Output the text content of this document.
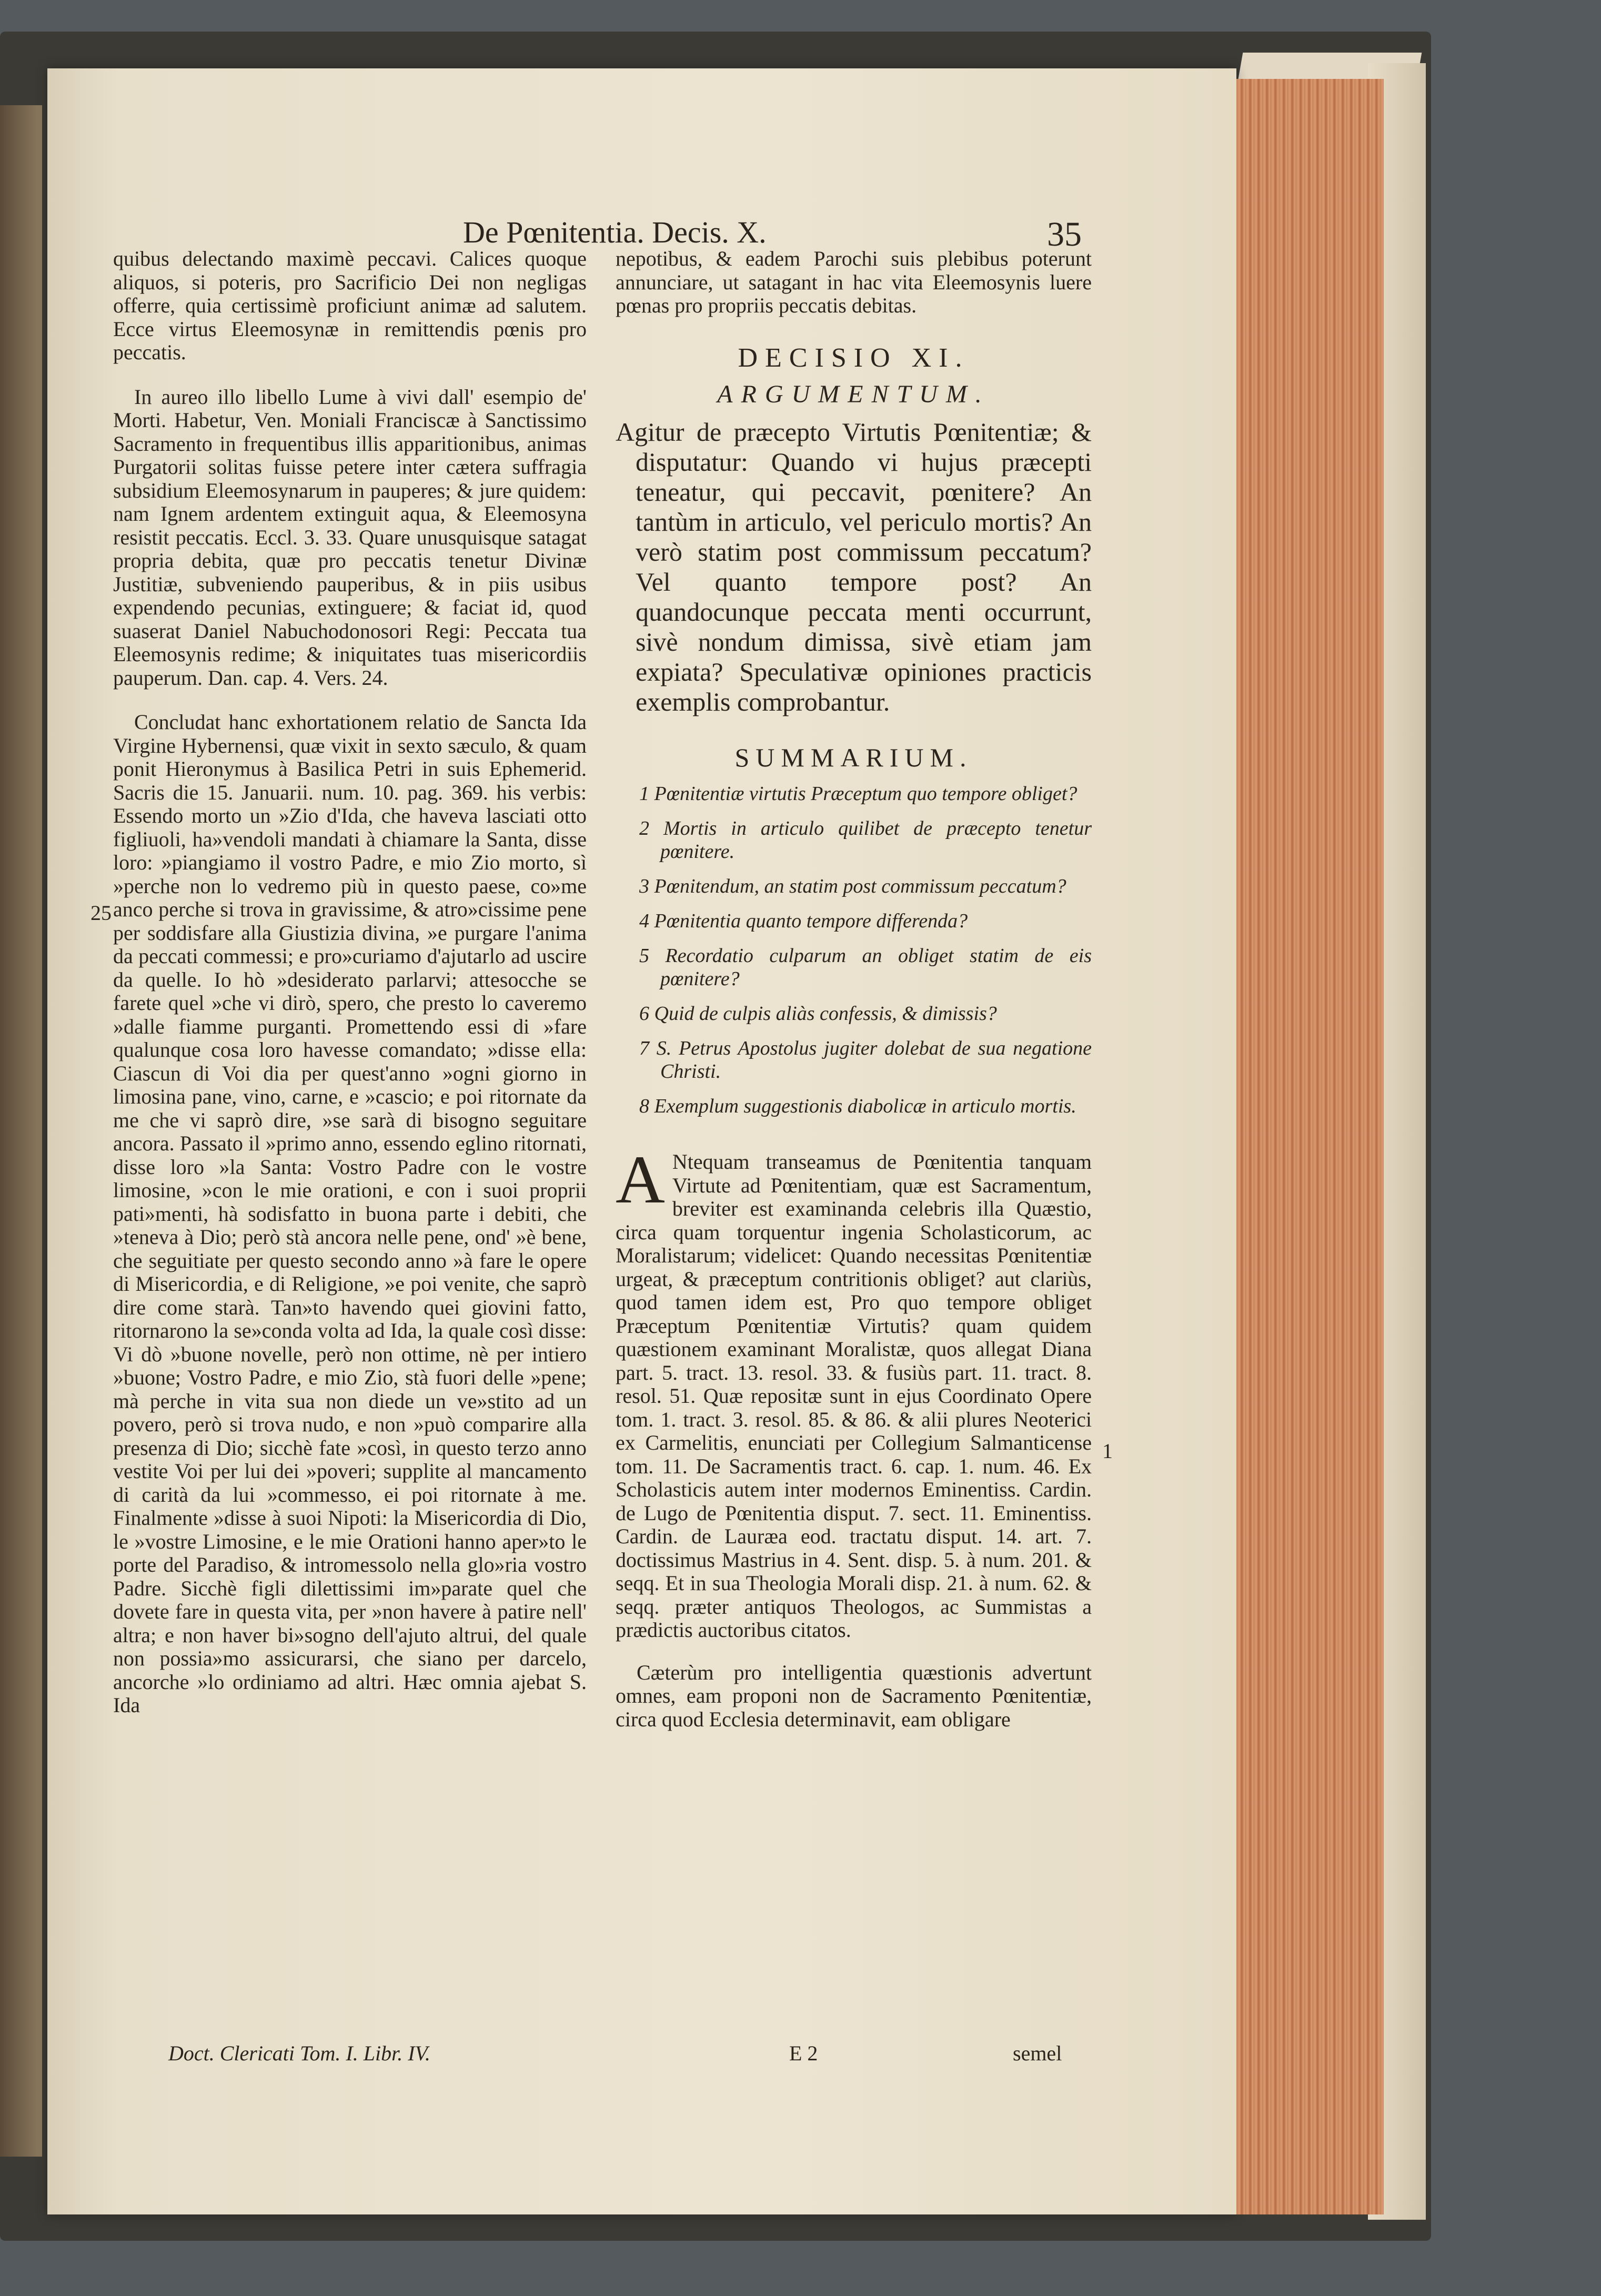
De Pœnitentia. Decis. X.	35

quibus delectando maximè peccavi. Calices quoque aliquos, si poteris, pro Sacrificio Dei non negligas offerre, quia certissimè proficiunt animæ ad salutem. Ecce virtus Eleemosynæ in remittendis pœnis pro peccatis.

In aureo illo libello Lume à vivi dall' esempio de' Morti. Habetur, Ven. Moniali Franciscæ à Sanctissimo Sacramento in frequentibus illis apparitionibus, animas Purgatorii solitas fuisse petere inter cætera suffragia subsidium Eleemosynarum in pauperes; & jure quidem: nam Ignem ardentem extinguit aqua, & Eleemosyna resistit peccatis. Eccl. 3. 33. Quare unusquisque satagat propria debita, quæ pro peccatis tenetur Divinæ Justitiæ, subveniendo pauperibus, & in piis usibus expendendo pecunias, extinguere; & faciat id, quod suaserat Daniel Nabuchodonosori Regi: Peccata tua Eleemosynis redime; & iniquitates tuas misericordiis pauperum. Dan. cap. 4. Vers. 24.

Concludat hanc exhortationem relatio de Sancta Ida Virgine Hybernensi, quæ vixit in sexto sæculo, & quam ponit Hieronymus à Basilica Petri in suis Ephemerid. Sacris die 15. Januarii. num. 10. pag. 369. his verbis: Essendo morto un »Zio d'Ida, che haveva lasciati otto figliuoli, ha»vendoli mandati à chiamare la Santa, disse loro: »piangiamo il vostro Padre, e mio Zio morto, sì »perche non lo vedremo più in questo paese, co»me anco perche si trova in gravissime, & atro»cissime pene per soddisfare alla Giustizia divina, »e purgare l'anima da peccati commessi; e pro»curiamo d'ajutarlo ad uscire da quelle. Io hò »desiderato parlarvi; attesocche se farete quel »che vi dirò, spero, che presto lo caveremo »dalle fiamme purganti. Promettendo essi di »fare qualunque cosa loro havesse comandato; »disse ella: Ciascun di Voi dia per quest'anno »ogni giorno in limosina pane, vino, carne, e »cascio; e poi ritornate da me che vi saprò dire, »se sarà di bisogno seguitare ancora. Passato il »primo anno, essendo eglino ritornati, disse loro »la Santa: Vostro Padre con le vostre limosine, »con le mie orationi, e con i suoi proprii pati»menti, hà sodisfatto in buona parte i debiti, che »teneva à Dio; però stà ancora nelle pene, ond' »è bene, che seguitiate per questo secondo anno »à fare le opere di Misericordia, e di Religione, »e poi venite, che saprò dire come starà. Tan»to havendo quei giovini fatto, ritornarono la se»conda volta ad Ida, la quale così disse: Vi dò »buone novelle, però non ottime, nè per intiero »buone; Vostro Padre, e mio Zio, stà fuori delle »pene; mà perche in vita sua non diede un ve»stito ad un povero, però si trova nudo, e non »può comparire alla presenza di Dio; sicchè fate »così, in questo terzo anno vestite Voi per lui dei »poveri; supplite al mancamento di carità da lui »commesso, ei poi ritornate à me. Finalmente »disse à suoi Nipoti: la Misericordia di Dio, le »vostre Limosine, e le mie Orationi hanno aper»to le porte del Paradiso, & intromessolo nella glo»ria vostro Padre. Sicchè figli dilettissimi im»parate quel che dovete fare in questa vita, per »non havere à patire nell' altra; e non haver bi»sogno dell'ajuto altrui, del quale non possia»mo assicurarsi, che siano per darcelo, ancorche »lo ordiniamo ad altri. Hæc omnia ajebat S. Ida

25

nepotibus, & eadem Parochi suis plebibus poterunt annunciare, ut satagant in hac vita Eleemosynis luere pœnas pro propriis peccatis debitas.

DECISIO XI.
ARGUMENTUM.

Agitur de præcepto Virtutis Pœnitentiæ; & disputatur: Quando vi hujus præcepti teneatur, qui peccavit, pœnitere? An tantùm in articulo, vel periculo mortis? An verò statim post commissum peccatum? Vel quanto tempore post? An quandocunque peccata menti occurrunt, sivè nondum dimissa, sivè etiam jam expiata? Speculativæ opiniones practicis exemplis comprobantur.

SUMMARIUM.

1 Pœnitentiæ virtutis Præceptum quo tempore obliget?

2 Mortis in articulo quilibet de præcepto tenetur pœnitere.

3 Pœnitendum, an statim post commissum peccatum?

4 Pœnitentia quanto tempore differenda?

5 Recordatio culparum an obliget statim de eis pœnitere?

6 Quid de culpis aliàs confessis, & dimissis?

7 S. Petrus Apostolus jugiter dolebat de sua negatione Christi.

8 Exemplum suggestionis diabolicæ in articulo mortis.

A Ntequam transeamus de Pœnitentia tanquam Virtute ad Pœnitentiam, quæ est Sacramentum, breviter est examinanda celebris illa Quæstio, circa quam torquentur ingenia Scholasticorum, ac Moralistarum; videlicet: Quando necessitas Pœnitentiæ urgeat, & præceptum contritionis obliget? aut clariùs, quod tamen idem est, Pro quo tempore obliget Præceptum Pœnitentiæ Virtutis? quam quidem quæstionem examinant Moralistæ, quos allegat Diana part. 5. tract. 13. resol. 33. & fusiùs part. 11. tract. 8. resol. 51. Quæ repositæ sunt in ejus Coordinato Opere tom. 1. tract. 3. resol. 85. & 86. & alii plures Neoterici ex Carmelitis, enunciati per Collegium Salmanticense tom. 11. De Sacramentis tract. 6. cap. 1. num. 46. Ex Scholasticis autem inter modernos Eminentiss. Cardin. de Lugo de Pœnitentia disput. 7. sect. 11. Eminentiss. Cardin. de Lauræa eod. tractatu disput. 14. art. 7. doctissimus Mastrius in 4. Sent. disp. 5. à num. 201. & seqq. Et in sua Theologia Morali disp. 21. à num. 62. & seqq. præter antiquos Theologos, ac Summistas a prædictis auctoribus citatos.

Cæterùm pro intelligentia quæstionis advertunt omnes, eam proponi non de Sacramento Pœnitentiæ, circa quod Ecclesia determinavit, eam obligare

1
Doct. Clericati Tom. I. Libr. IV.	E 2	semel
